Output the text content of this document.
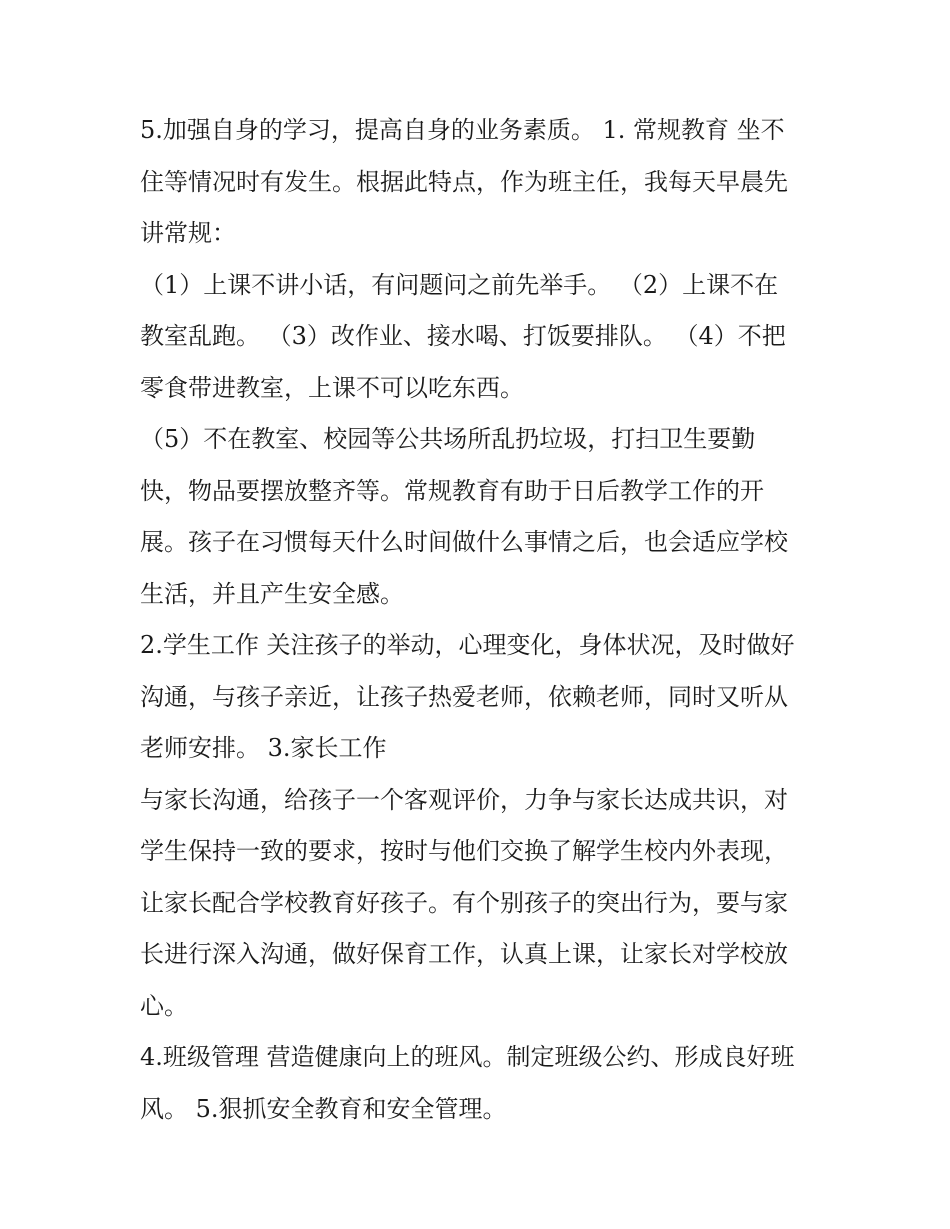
5.加强自身的学习，提高自身的业务素质。 1. 常规教育 坐不
住等情况时有发生。根据此特点，作为班主任，我每天早晨先
讲常规：
（1）上课不讲小话，有问题问之前先举手。 （2）上课不在
教室乱跑。 （3）改作业、接水喝、打饭要排队。 （4）不把
零食带进教室，上课不可以吃东西。
（5）不在教室、校园等公共场所乱扔垃圾，打扫卫生要勤
快，物品要摆放整齐等。常规教育有助于日后教学工作的开
展。孩子在习惯每天什么时间做什么事情之后，也会适应学校
生活，并且产生安全感。
2.学生工作 关注孩子的举动，心理变化，身体状况，及时做好
沟通，与孩子亲近，让孩子热爱老师，依赖老师，同时又听从
老师安排。 3.家长工作
与家长沟通，给孩子一个客观评价，力争与家长达成共识，对
学生保持一致的要求，按时与他们交换了解学生校内外表现，
让家长配合学校教育好孩子。有个别孩子的突出行为，要与家
长进行深入沟通，做好保育工作，认真上课，让家长对学校放
心。
4.班级管理 营造健康向上的班风。制定班级公约、形成良好班
风。 5.狠抓安全教育和安全管理。
